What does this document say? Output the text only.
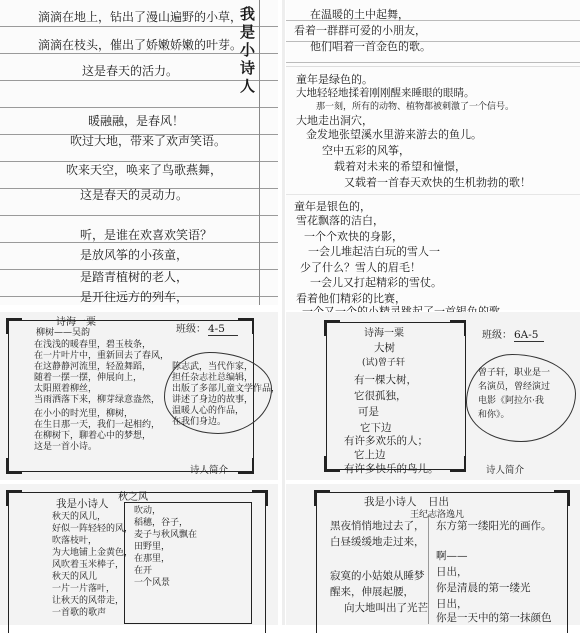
我是小诗人
滴滴在地上，钻出了漫山遍野的小草，
滴滴在枝头，催出了娇嫩娇嫩的叶芽。
这是春天的活力。
暖融融，是春风！
吹过大地，带来了欢声笑语。
吹来天空，唤来了鸟歌燕舞，
这是春天的灵动力。
听，是谁在欢喜欢笑语？
是放风筝的小孩童，
是踏青植树的老人，
是开往远方的列车，
在温暖的土中起舞，
看着一群群可爱的小朋友，
他们唱着一首金色的歌。
童年是绿色的。
大地轻轻地揉着刚刚醒来睡眼的眼睛。
那一刻，所有的动物、植物都被刺激了一个信号。
大地走出洞穴，
金发地张望溪水里游来游去的鱼儿。
空中五彩的风筝，
载着对未来的希望和憧憬，
又载着一首春天欢快的生机勃勃的歌！
童年是银色的，
雪花飘落的洁白，
一个个欢快的身影，
一会儿堆起洁白玩的雪人一
少了什么？雪人的眉毛！
一会儿又打起精彩的雪仗。
看着他们精彩的比赛，
诗海一粟
班级： 4-5
柳树——吴韵
在浅浅的暖春里，碧玉枝条，
在一片叶片中，重新回去了春风，
在这静静河流里，轻盈舞蹈，
随着一摆一摆，伸展向上，
太阳照着柳丝，
当雨洒落下来，柳芽绿意盎然，
在小小的时光里，柳树，
在生日那一天，我们一起相约，
在柳树下，聊着心中的梦想，
这是一首小诗。
陈志武，当代作家，
担任杂志社总编辑，
出版了多部儿童文学作品，
讲述了身边的故事，
温暖人心的作品，
在我们身边。
诗人简介
诗海一粟	班级： 6A-5
大树
(试)曾子轩
有一棵大树，
它很孤独，
可是
它下边
有许多欢乐的人；
它上边
有许多快乐的鸟儿。
曾子轩，职业是一
名演员，曾经演过
电影《阿拉尔·我
和你》。
诗人简介
我是小诗人
秋之风
秋天的风儿，
好似一阵轻轻的风，
吹落枝叶，
为大地铺上金黄色，
风吹着玉米棒子，
秋天的风儿
一片一片落叶，
让秋天的风带走，
一首歌的歌声
吹动，
稻穗，谷子，
麦子与秋风飘在
田野里，
在那里，
在开
一个风景
我是小诗人 日出
王纪志洛逸凡
黑夜悄悄地过去了，
白昼缓缓地走过来，
寂寞的小姑娘从睡梦
醒来，伸展起腰，
向大地叫出了光芒
东方第一缕阳光的画作。
啊——
日出，
你是清晨的第一缕光
日出，
你是一天中的第一抹颜色
